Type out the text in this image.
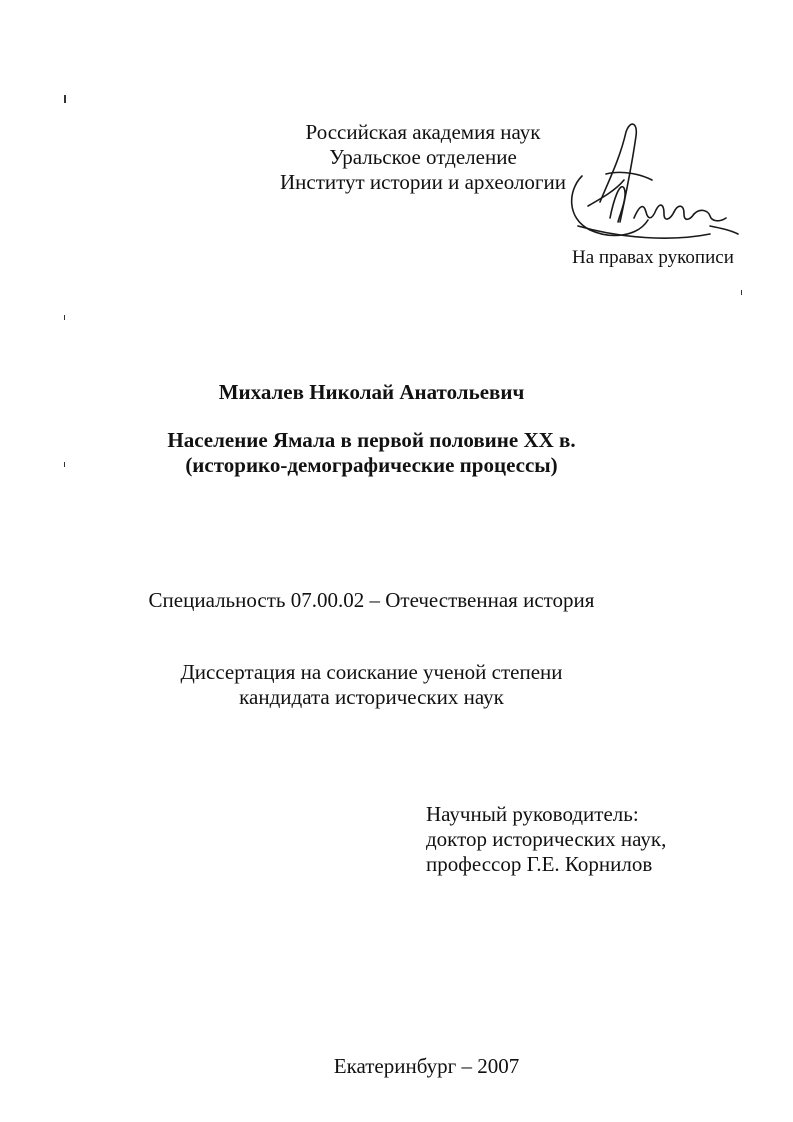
Российская академия наук
Уральское отделение
Институт истории и археологии
На правах рукописи
Михалев Николай Анатольевич
Население Ямала в первой половине XX в.
(историко-демографические процессы)
Специальность 07.00.02 – Отечественная история
Диссертация на соискание ученой степени
кандидата исторических наук
Научный руководитель:
доктор исторических наук,
профессор Г.Е. Корнилов
Екатеринбург – 2007
